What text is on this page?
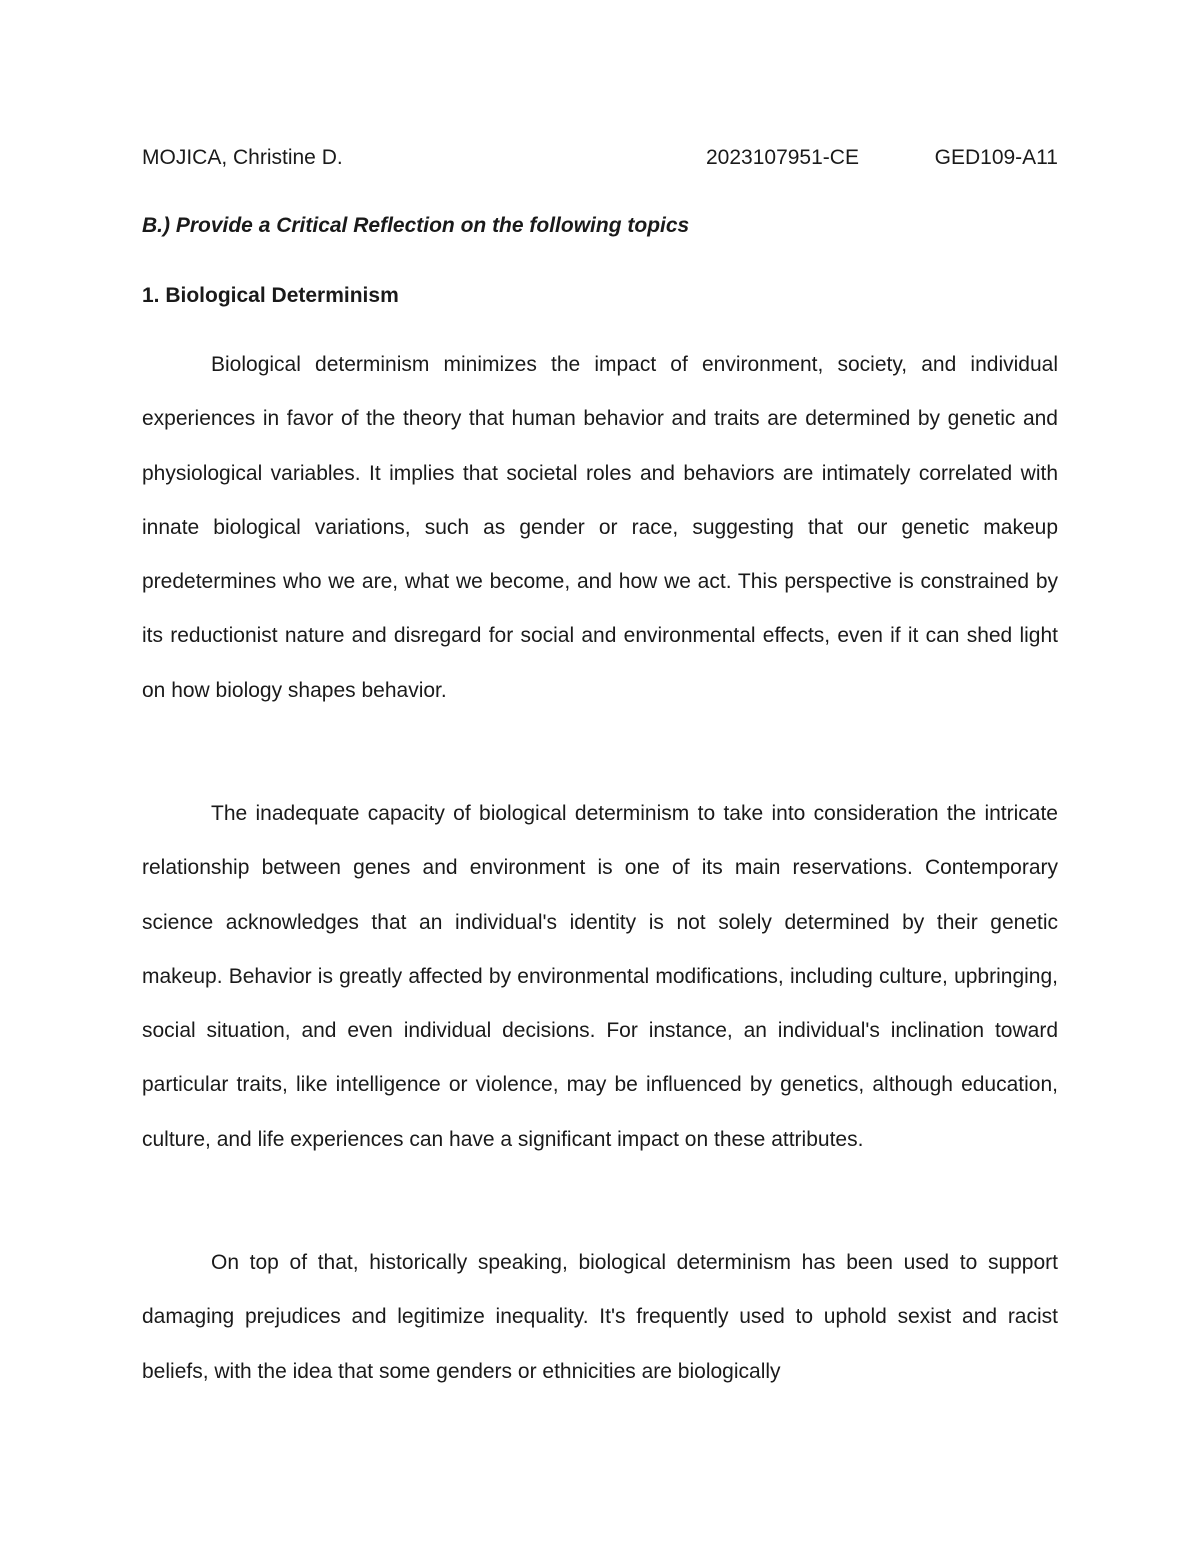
MOJICA, Christine D.	2023107951-CE	GED109-A11
B.) Provide a Critical Reflection on the following topics
1. Biological Determinism

Biological determinism minimizes the impact of environment, society, and individual experiences in favor of the theory that human behavior and traits are determined by genetic and physiological variables. It implies that societal roles and behaviors are intimately correlated with innate biological variations, such as gender or race, suggesting that our genetic makeup predetermines who we are, what we become, and how we act. This perspective is constrained by its reductionist nature and disregard for social and environmental effects, even if it can shed light on how biology shapes behavior.

The inadequate capacity of biological determinism to take into consideration the intricate relationship between genes and environment is one of its main reservations. Contemporary science acknowledges that an individual's identity is not solely determined by their genetic makeup. Behavior is greatly affected by environmental modifications, including culture, upbringing, social situation, and even individual decisions. For instance, an individual's inclination toward particular traits, like intelligence or violence, may be influenced by genetics, although education, culture, and life experiences can have a significant impact on these attributes.

On top of that, historically speaking, biological determinism has been used to support damaging prejudices and legitimize inequality. It's frequently used to uphold sexist and racist beliefs, with the idea that some genders or ethnicities are biologically
